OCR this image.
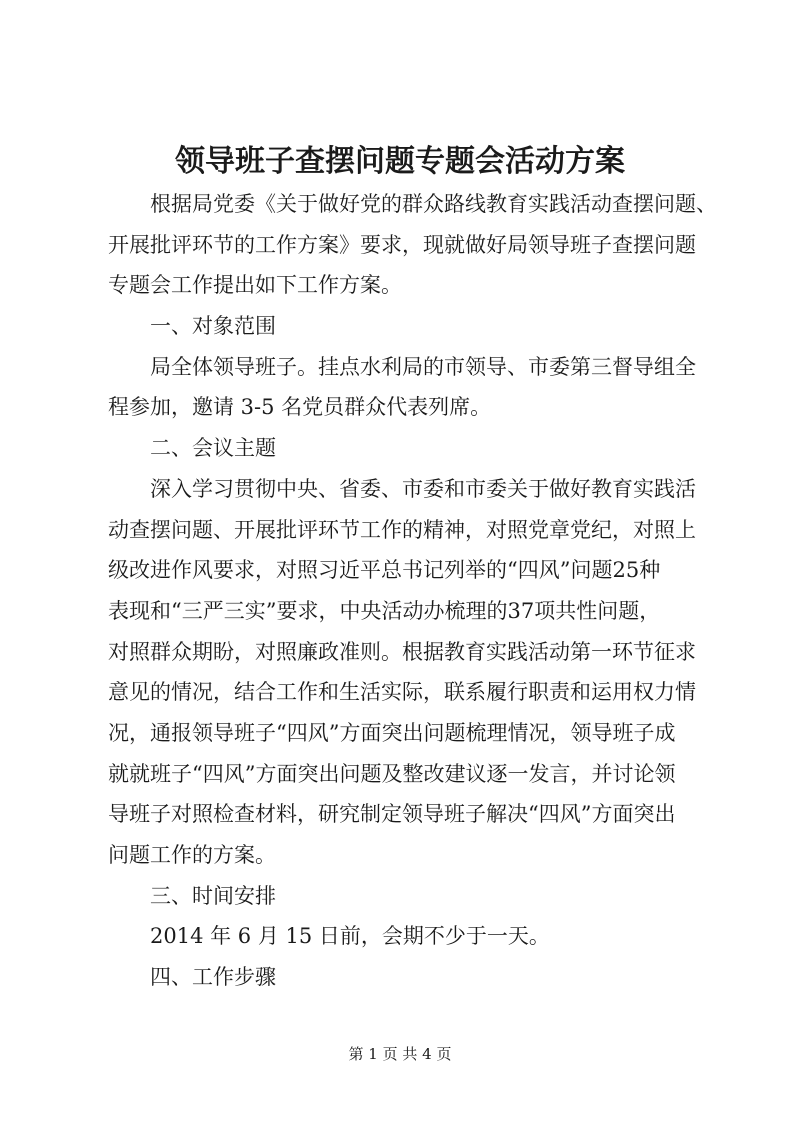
领导班子查摆问题专题会活动方案
根据局党委《关于做好党的群众路线教育实践活动查摆问题、
开展批评环节的工作方案》要求，现就做好局领导班子查摆问题
专题会工作提出如下工作方案。
一、对象范围
局全体领导班子。挂点水利局的市领导、市委第三督导组全
程参加，邀请 3-5 名党员群众代表列席。
二、会议主题
深入学习贯彻中央、省委、市委和市委关于做好教育实践活
动查摆问题、开展批评环节工作的精神，对照党章党纪，对照上
级改进作风要求，对照习近平总书记列举的“四风”问题25种
表现和“三严三实”要求，中央活动办梳理的37项共性问题，
对照群众期盼，对照廉政准则。根据教育实践活动第一环节征求
意见的情况，结合工作和生活实际，联系履行职责和运用权力情
况，通报领导班子“四风”方面突出问题梳理情况，领导班子成
就就班子“四风”方面突出问题及整改建议逐一发言，并讨论领
导班子对照检查材料，研究制定领导班子解决“四风”方面突出
问题工作的方案。
三、时间安排
2014 年 6 月 15 日前，会期不少于一天。
四、工作步骤
第 1 页 共 4 页
